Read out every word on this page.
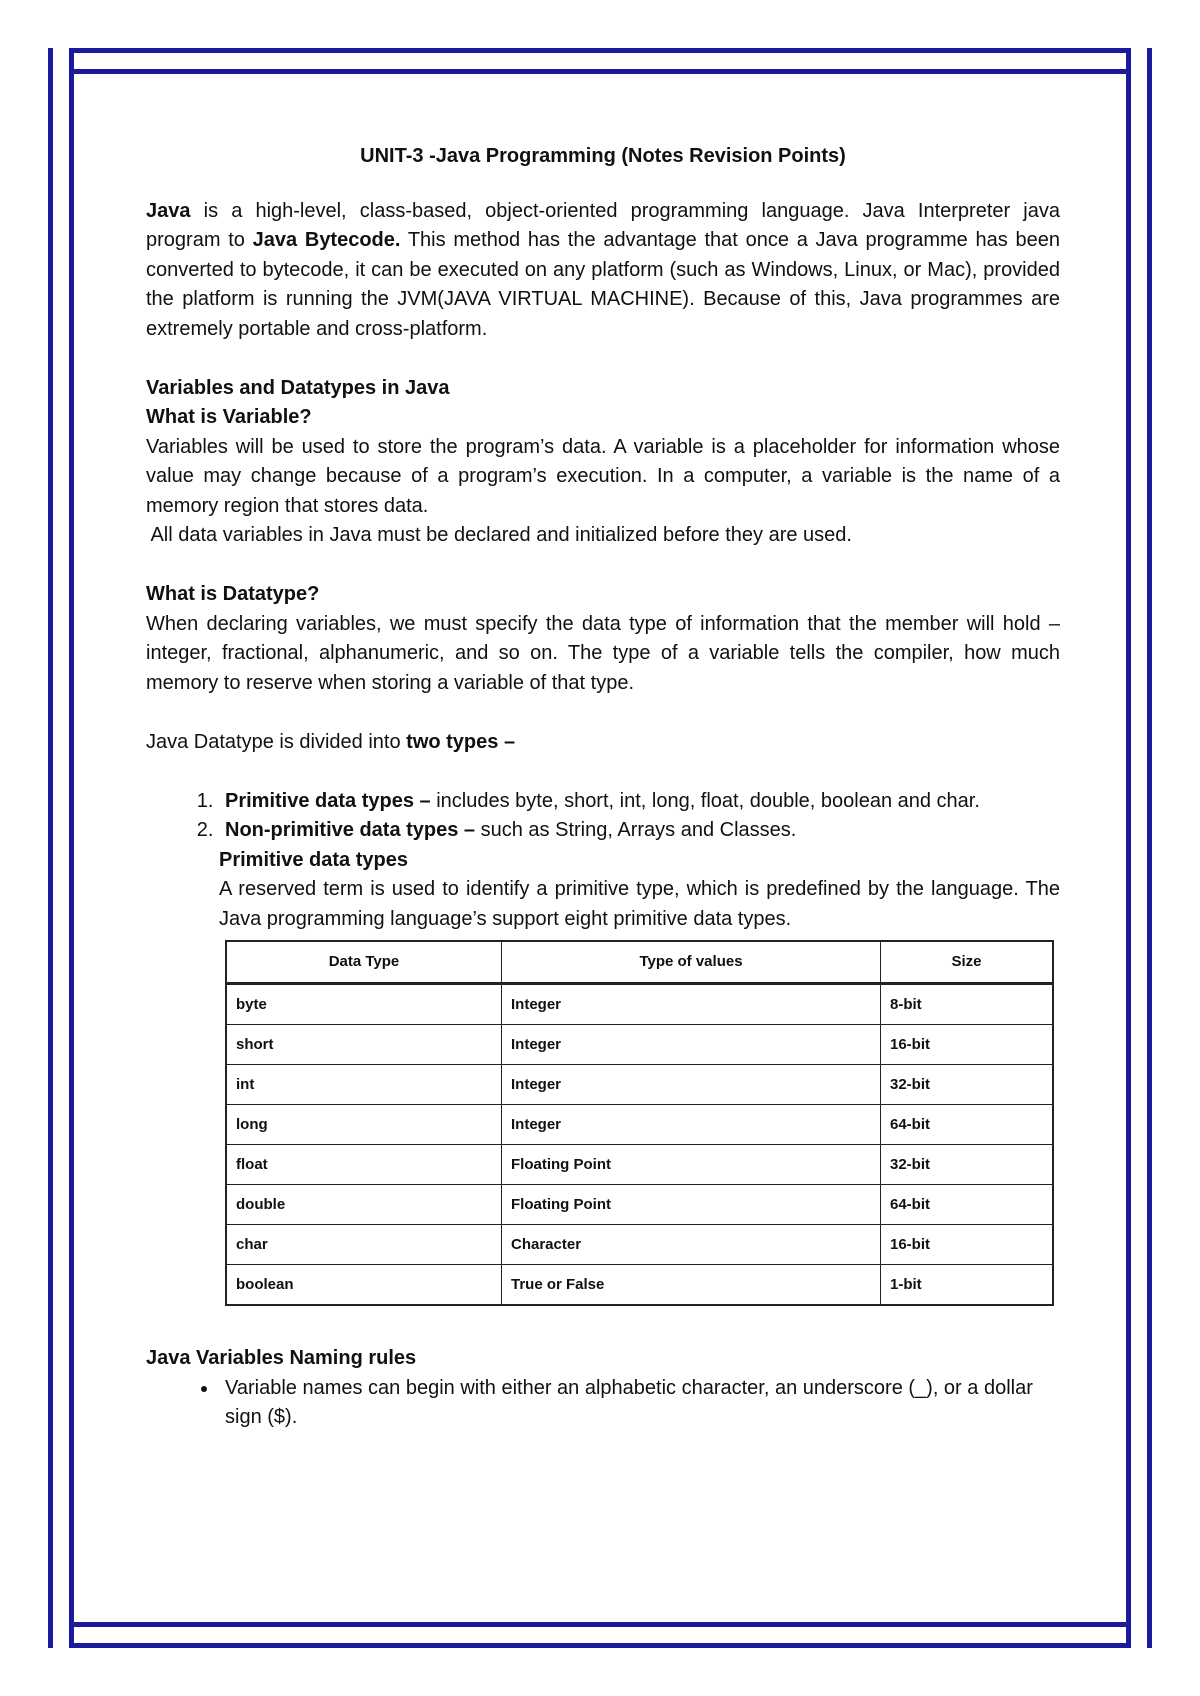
UNIT-3 -Java Programming (Notes Revision Points)

Java is a high-level, class-based, object-oriented programming language. Java Interpreter java program to Java Bytecode. This method has the advantage that once a Java programme has been converted to bytecode, it can be executed on any platform (such as Windows, Linux, or Mac), provided the platform is running the JVM(JAVA VIRTUAL MACHINE). Because of this, Java programmes are extremely portable and cross-platform.

Variables and Datatypes in Java

What is Variable?

Variables will be used to store the program’s data. A variable is a placeholder for information whose value may change because of a program’s execution. In a computer, a variable is the name of a memory region that stores data.

All data variables in Java must be declared and initialized before they are used.

What is Datatype?

When declaring variables, we must specify the data type of information that the member will hold – integer, fractional, alphanumeric, and so on. The type of a variable tells the compiler, how much memory to reserve when storing a variable of that type.

Java Datatype is divided into two types –

1. Primitive data types – includes byte, short, int, long, float, double, boolean and char.
2. Non-primitive data types – such as String, Arrays and Classes.

Primitive data types

A reserved term is used to identify a primitive type, which is predefined by the language. The Java programming language’s support eight primitive data types.

Data Type	Type of values	Size
byte	Integer	8-bit
short	Integer	16-bit
int	Integer	32-bit
long	Integer	64-bit
float	Floating Point	32-bit
double	Floating Point	64-bit
char	Character	16-bit
boolean	True or False	1-bit

Java Variables Naming rules

• Variable names can begin with either an alphabetic character, an underscore (_), or a dollar sign ($).
